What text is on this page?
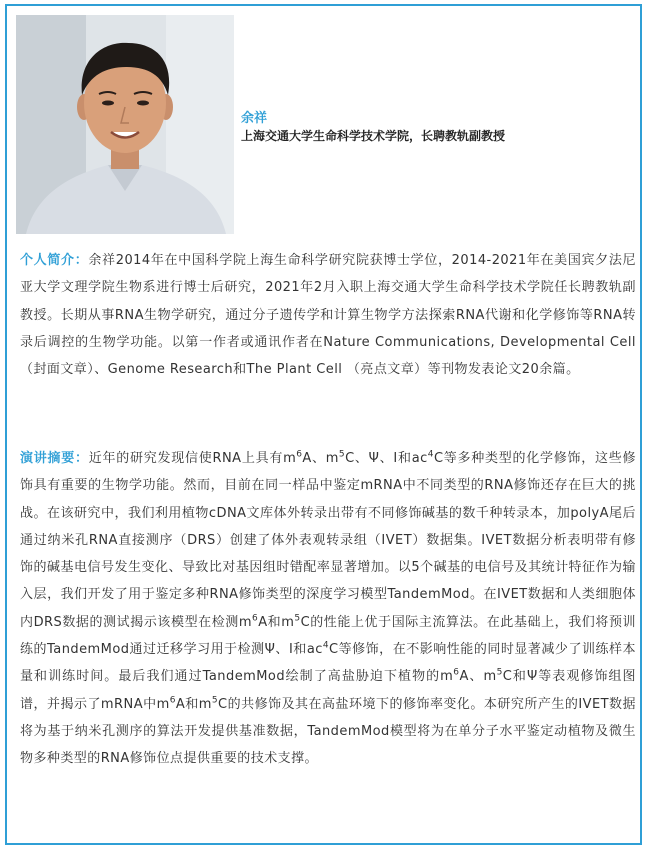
余祥

上海交通大学生命科学技术学院，长聘教轨副教授

个人简介：余祥2014年在中国科学院上海生命科学研究院获博士学位，2014-2021年在美国宾夕法尼亚大学文理学院生物系进行博士后研究，2021年2月入职上海交通大学生命科学技术学院任长聘教轨副教授。长期从事RNA生物学研究，通过分子遗传学和计算生物学方法探索RNA代谢和化学修饰等RNA转录后调控的生物学功能。以第一作者或通讯作者在Nature Communications, Developmental Cell（封面文章）、Genome Research和The Plant Cell （亮点文章）等刊物发表论文20余篇。

演讲摘要：近年的研究发现信使RNA上具有$m^6A$、$m^5C$、Ψ、I和$ac^4C$等多种类型的化学修饰，这些修饰具有重要的生物学功能。然而，目前在同一样品中鉴定mRNA中不同类型的RNA修饰还存在巨大的挑战。在该研究中，我们利用植物cDNA文库体外转录出带有不同修饰碱基的数千种转录本，加polyA尾后通过纳米孔RNA直接测序（DRS）创建了体外表观转录组（IVET）数据集。IVET数据分析表明带有修饰的碱基电信号发生变化、导致比对基因组时错配率显著增加。以5个碱基的电信号及其统计特征作为输入层，我们开发了用于鉴定多种RNA修饰类型的深度学习模型TandemMod。在IVET数据和人类细胞体内DRS数据的测试揭示该模型在检测$m^6A$和$m^5C$的性能上优于国际主流算法。在此基础上，我们将预训练的TandemMod通过迁移学习用于检测Ψ、I和$ac^4C$等修饰，在不影响性能的同时显著减少了训练样本量和训练时间。最后我们通过TandemMod绘制了高盐胁迫下植物的$m^6A$、$m^5C$和Ψ等表观修饰组图谱，并揭示了mRNA中$m^6A$和$m^5C$的共修饰及其在高盐环境下的修饰率变化。本研究所产生的IVET数据将为基于纳米孔测序的算法开发提供基准数据，TandemMod模型将为在单分子水平鉴定动植物及微生物多种类型的RNA修饰位点提供重要的技术支撑。
